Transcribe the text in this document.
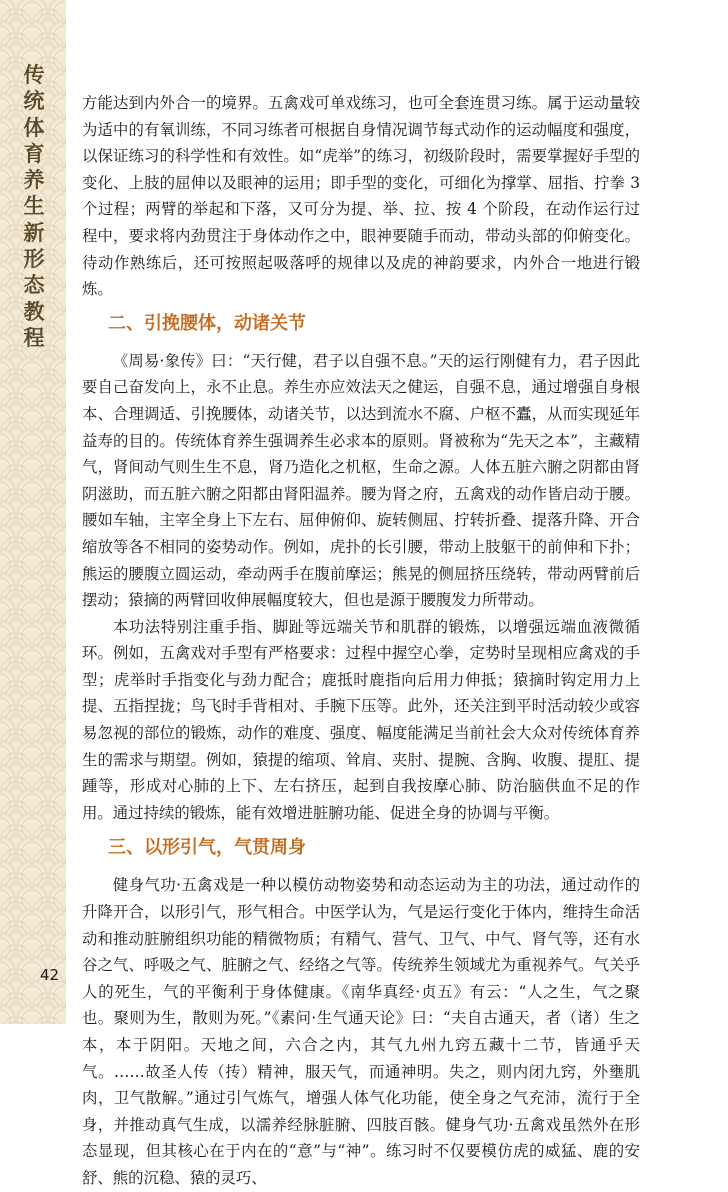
传统体育养生新形态教程

方能达到内外合一的境界。五禽戏可单戏练习，也可全套连贯习练。属于运动量较为适中的有氧训练，不同习练者可根据自身情况调节每式动作的运动幅度和强度，以保证练习的科学性和有效性。如“虎举”的练习，初级阶段时，需要掌握好手型的变化、上肢的屈伸以及眼神的运用；即手型的变化，可细化为撑掌、屈指、拧拳 3 个过程；两臂的举起和下落，又可分为提、举、拉、按 4 个阶段，在动作运行过程中，要求将内劲贯注于身体动作之中，眼神要随手而动，带动头部的仰俯变化。待动作熟练后，还可按照起吸落呼的规律以及虎的神韵要求，内外合一地进行锻炼。

二、引挽腰体，动诸关节

《周易·象传》曰：“天行健，君子以自强不息。”天的运行刚健有力，君子因此要自己奋发向上，永不止息。养生亦应效法天之健运，自强不息，通过增强自身根本、合理调适、引挽腰体，动诸关节，以达到流水不腐、户枢不蠹，从而实现延年益寿的目的。传统体育养生强调养生必求本的原则。肾被称为“先天之本”，主藏精气，肾间动气则生生不息，肾乃造化之机枢，生命之源。人体五脏六腑之阴都由肾阴滋助，而五脏六腑之阳都由肾阳温养。腰为肾之府，五禽戏的动作皆启动于腰。腰如车轴，主宰全身上下左右、屈伸俯仰、旋转侧屈、拧转折叠、提落升降、开合缩放等各不相同的姿势动作。例如，虎扑的长引腰，带动上肢躯干的前伸和下扑；熊运的腰腹立圆运动，牵动两手在腹前摩运；熊晃的侧屈挤压绕转，带动两臂前后摆动；猿摘的两臂回收伸展幅度较大，但也是源于腰腹发力所带动。

本功法特别注重手指、脚趾等远端关节和肌群的锻炼，以增强远端血液微循环。例如，五禽戏对手型有严格要求：过程中握空心拳，定势时呈现相应禽戏的手型；虎举时手指变化与劲力配合；鹿抵时鹿指向后用力伸抵；猿摘时钩定用力上提、五指捏拢；鸟飞时手背相对、手腕下压等。此外，还关注到平时活动较少或容易忽视的部位的锻炼，动作的难度、强度、幅度能满足当前社会大众对传统体育养生的需求与期望。例如，猿提的缩项、耸肩、夹肘、提腕、含胸、收腹、提肛、提踵等，形成对心肺的上下、左右挤压，起到自我按摩心肺、防治脑供血不足的作用。通过持续的锻炼，能有效增进脏腑功能、促进全身的协调与平衡。

三、以形引气，气贯周身

健身气功·五禽戏是一种以模仿动物姿势和动态运动为主的功法，通过动作的升降开合，以形引气，形气相合。中医学认为，气是运行变化于体内，维持生命活动和推动脏腑组织功能的精微物质；有精气、营气、卫气、中气、肾气等，还有水谷之气、呼吸之气、脏腑之气、经络之气等。传统养生领域尤为重视养气。气关乎人的死生，气的平衡利于身体健康。《南华真经·贞五》有云：“人之生，气之聚也。聚则为生，散则为死。”《素问·生气通天论》曰：“夫自古通天，者（诸）生之本，本于阴阳。天地之间，六合之内，其气九州九窍五藏十二节，皆通乎天气。……故圣人传（抟）精神，服天气，而通神明。失之，则内闭九窍，外壅肌肉，卫气散解。”通过引气炼气，增强人体气化功能，使全身之气充沛，流行于全身，并推动真气生成，以濡养经脉脏腑、四肢百骸。健身气功·五禽戏虽然外在形态显现，但其核心在于内在的“意”与“神”。练习时不仅要模仿虎的威猛、鹿的安舒、熊的沉稳、猿的灵巧、

42
